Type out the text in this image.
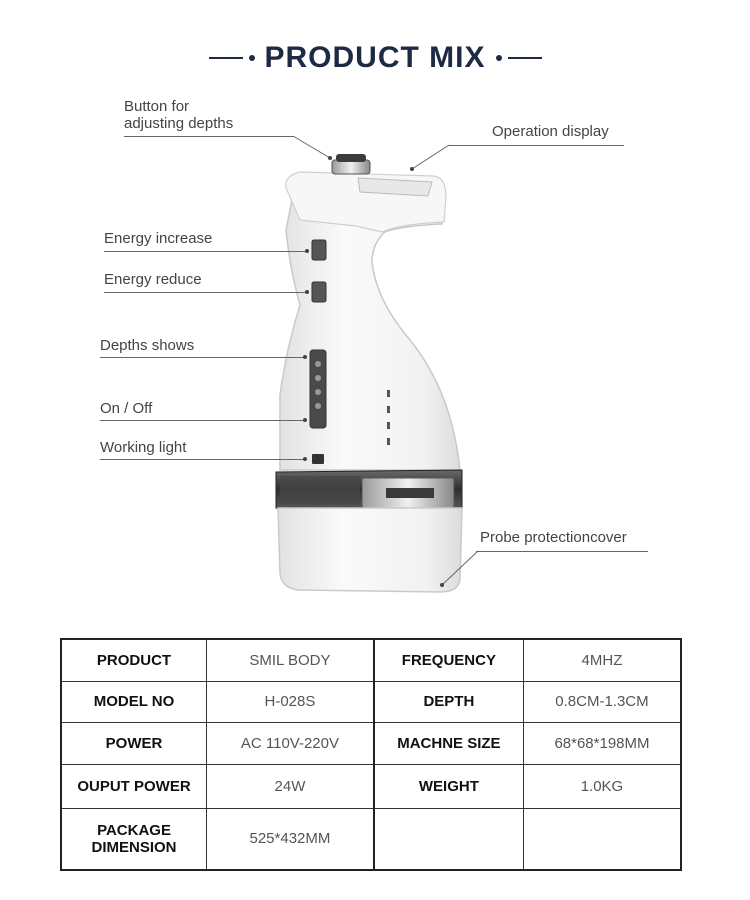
PRODUCT MIX
Button for
adjusting depths	Operation display
Energy increase
Energy reduce
Depths shows
On / Off
Working light
Probe protectioncover
PRODUCT	SMIL BODY	FREQUENCY	4MHZ
MODEL NO	H-028S	DEPTH	0.8CM-1.3CM
POWER	AC 110V-220V	MACHNE SIZE	68*68*198MM
OUPUT POWER	24W	WEIGHT	1.0KG

PACKAGE
DIMENSION	525*432MM		
